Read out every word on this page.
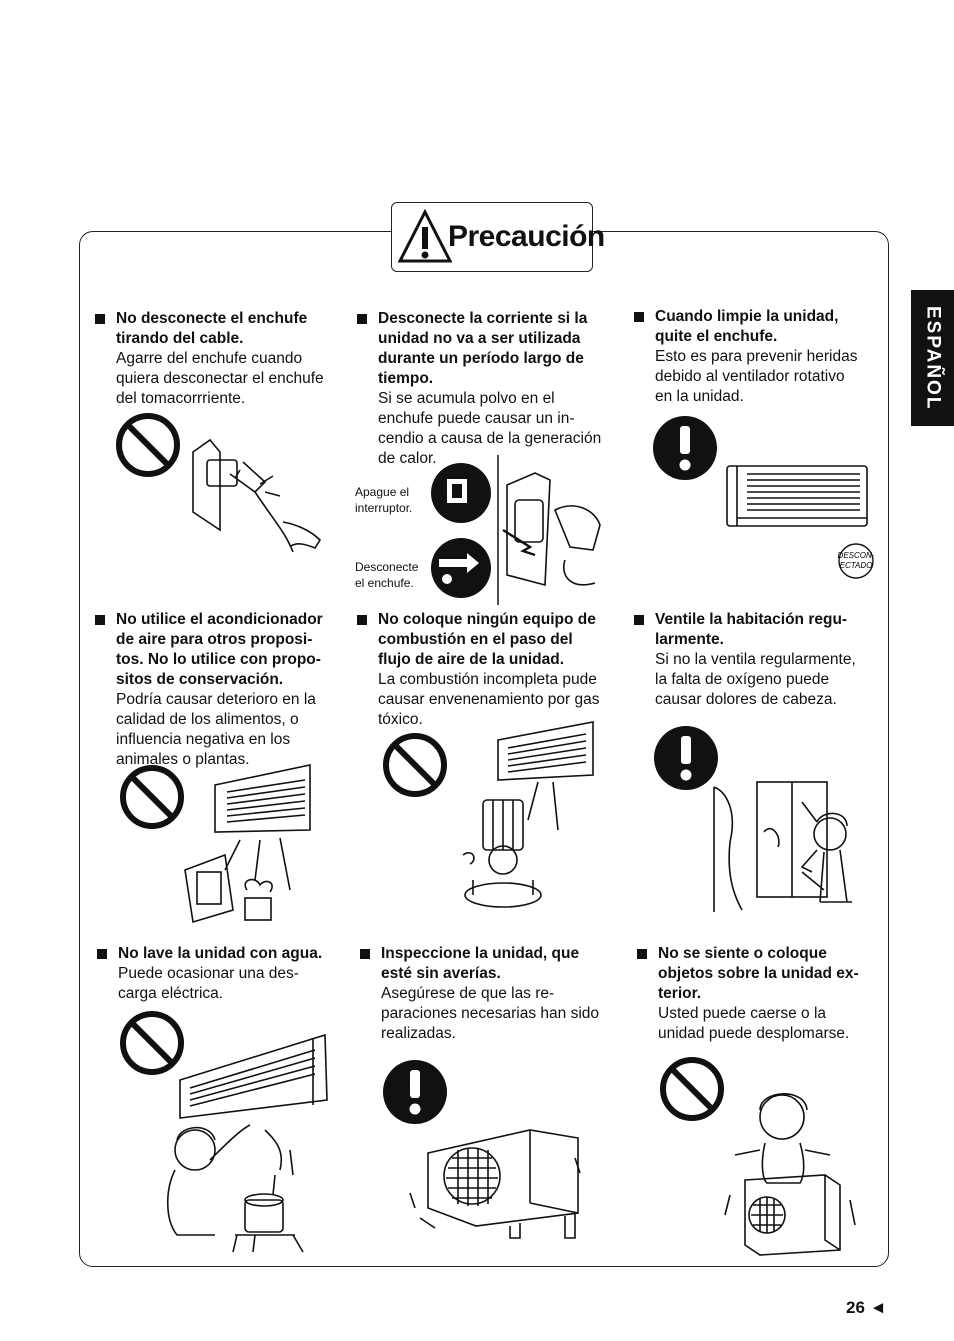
Precaución
ESPAÑOL
No desconecte el enchufe
tirando del cable.
Agarre del enchufe cuando
quiera desconectar el enchufe
del tomacorrriente.
Desconecte la corriente si la
unidad no va a ser utilizada
durante un período largo de
tiempo.
Si se acumula polvo en el
enchufe puede causar un in-
cendio a causa de la generación
de calor.
Cuando limpie la unidad,
quite el enchufe.
Esto es para prevenir heridas
debido al ventilador rotativo
en la unidad.
No utilice el acondicionador
de aire para otros proposi-
tos. No lo utilice con propo-
sitos de conservación.
Podría causar deterioro en la
calidad de los alimentos, o
influencia negativa en los
animales o plantas.
No coloque ningún equipo de
combustión en el paso del
flujo de aire de la unidad.
La combustión incompleta pude
causar envenenamiento por gas
tóxico.
Ventile la habitación regu-
larmente.
Si no la ventila regularmente,
la falta de oxígeno puede
causar dolores de cabeza.
No lave la unidad con agua.
Puede ocasionar una des-
carga eléctrica.
Inspeccione la unidad, que
esté sin averías.
Asegúrese de que las re-
paraciones necesarias han sido
realizadas.
No se siente o coloque
objetos sobre la unidad ex-
terior.
Usted puede caerse o la
unidad puede desplomarse.
Apague el
interruptor.
Desconecte
el enchufe.
DESCON-
ECTADO
26 ◄
